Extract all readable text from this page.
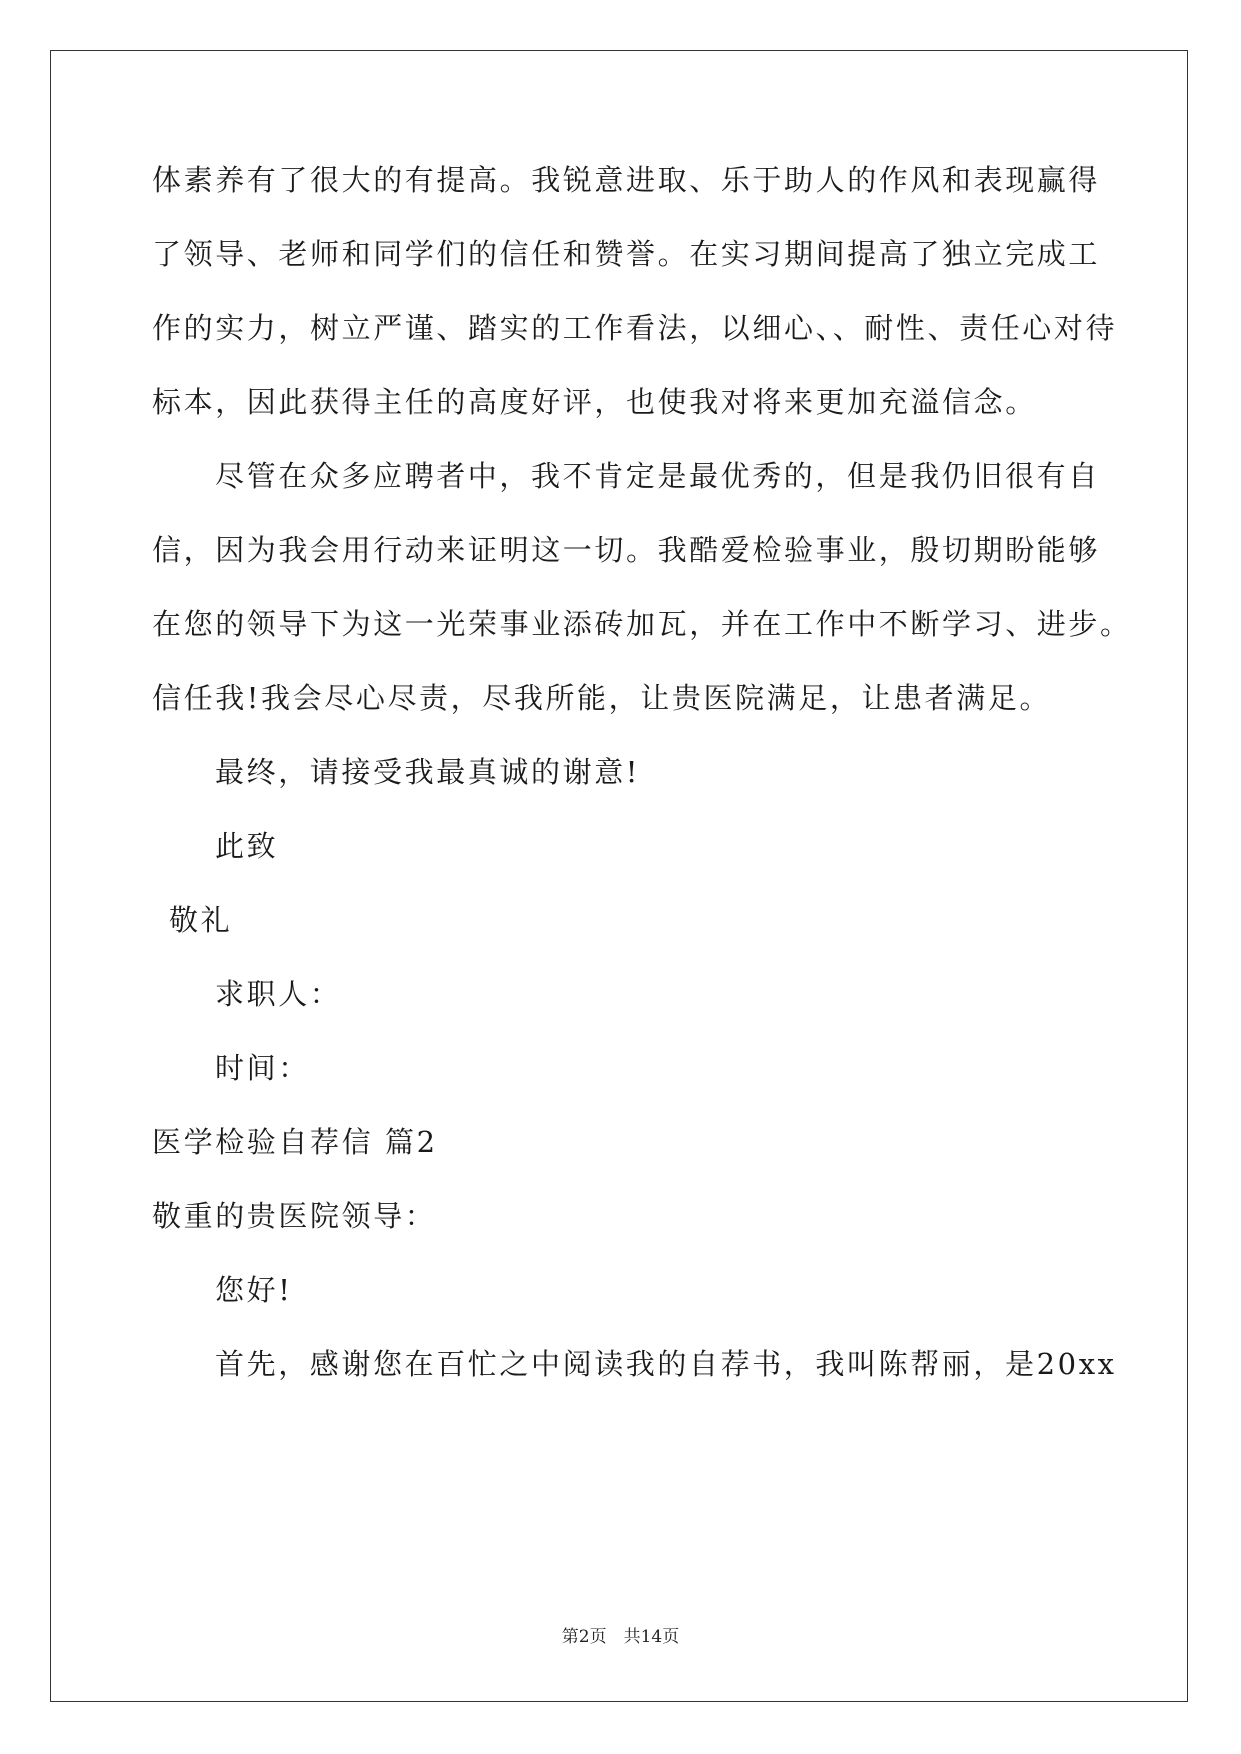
体素养有了很大的有提高。我锐意进取、乐于助人的作风和表现赢得
了领导、老师和同学们的信任和赞誉。在实习期间提高了独立完成工
作的实力，树立严谨、踏实的工作看法，以细心、、耐性、责任心对待
标本，因此获得主任的高度好评，也使我对将来更加充溢信念。
尽管在众多应聘者中，我不肯定是最优秀的，但是我仍旧很有自
信，因为我会用行动来证明这一切。我酷爱检验事业，殷切期盼能够
在您的领导下为这一光荣事业添砖加瓦，并在工作中不断学习、进步。
信任我!我会尽心尽责，尽我所能，让贵医院满足，让患者满足。
最终，请接受我最真诚的谢意!
此致
敬礼
求职人：
时间：
医学检验自荐信 篇2
敬重的贵医院领导：
您好!
首先，感谢您在百忙之中阅读我的自荐书，我叫陈帮丽，是20xx
第2页　共14页
